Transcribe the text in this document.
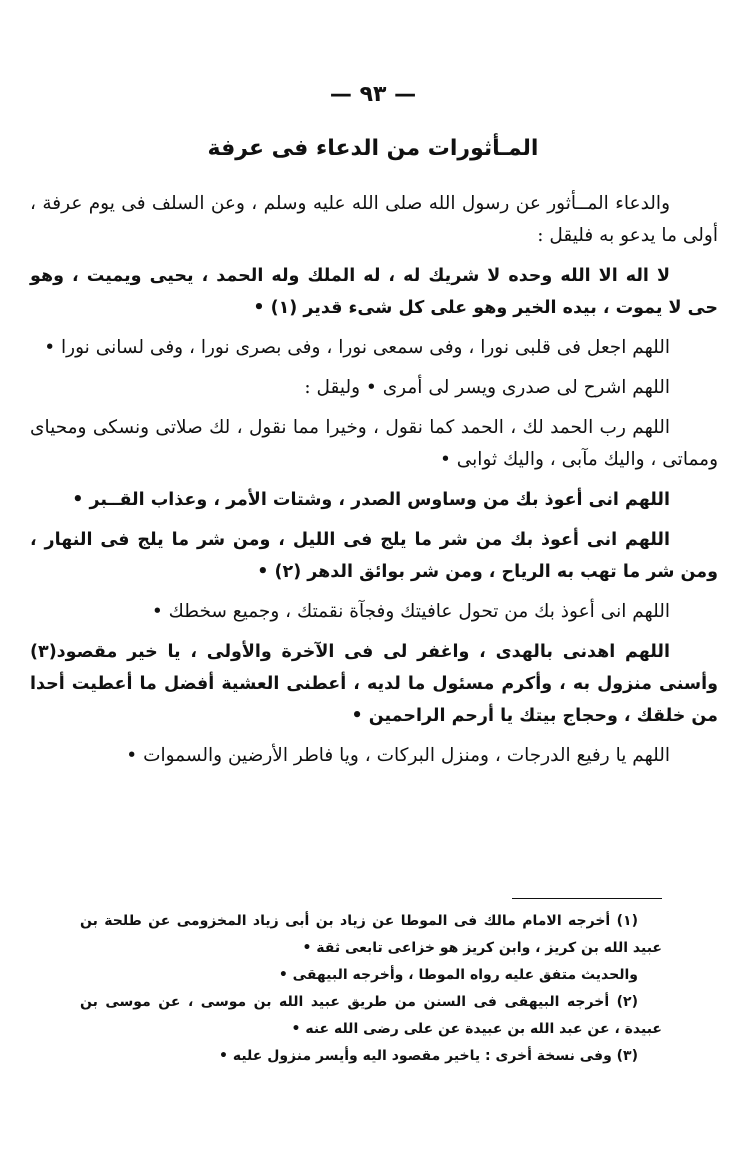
— ٩٣ —
المـأثورات من الدعاء فى عرفة

والدعاء المــأثور عن رسول الله صلى الله عليه وسلم ، وعن السلف فى يوم عرفة ، أولى ما يدعو به فليقل :

لا اله الا الله وحده لا شريك له ، له الملك وله الحمد ، يحيى ويميت ، وهو حى لا يموت ، بيده الخير وهو على كل شىء قدير (١) •

اللهم اجعل فى قلبى نورا ، وفى سمعى نورا ، وفى بصرى نورا ، وفى لسانى نورا •

اللهم اشرح لى صدرى ويسر لى أمرى • وليقل :

اللهم رب الحمد لك ، الحمد كما نقول ، وخيرا مما نقول ، لك صلاتى ونسكى ومحياى ومماتى ، واليك مآبى ، واليك ثوابى •

اللهم انى أعوذ بك من وساوس الصدر ، وشتات الأمر ، وعذاب القــبر •

اللهم انى أعوذ بك من شر ما يلج فى الليل ، ومن شر ما يلج فى النهار ، ومن شر ما تهب به الرياح ، ومن شر بوائق الدهر (٢) •

اللهم انى أعوذ بك من تحول عافيتك وفجآة نقمتك ، وجميع سخطك •

اللهم اهدنى بالهدى ، واغفر لى فى الآخرة والأولى ، يا خير مقصود(٣) وأسنى منزول به ، وأكرم مسئول ما لديه ، أعطنى العشية أفضل ما أعطيت أحدا من خلقك ، وحجاج بيتك يا أرحم الراحمين •

اللهم يا رفيع الدرجات ، ومنزل البركات ، ويا فاطر الأرضين والسموات •

(١) أخرجه الامام مالك فى الموطا عن زياد بن أبى زياد المخزومى عن طلحة بن عبيد الله بن كريز ، وابن كريز هو خزاعى تابعى ثقة •

والحديث متفق عليه رواه الموطا ، وأخرجه البيهقى •

(٢) أخرجه البيهقى فى السنن من طريق عبيد الله بن موسى ، عن موسى بن عبيدة ، عن عبد الله بن عبيدة عن على رضى الله عنه •

(٣) وفى نسخة أخرى : ياخير مقصود اليه وأيسر منزول عليه •
